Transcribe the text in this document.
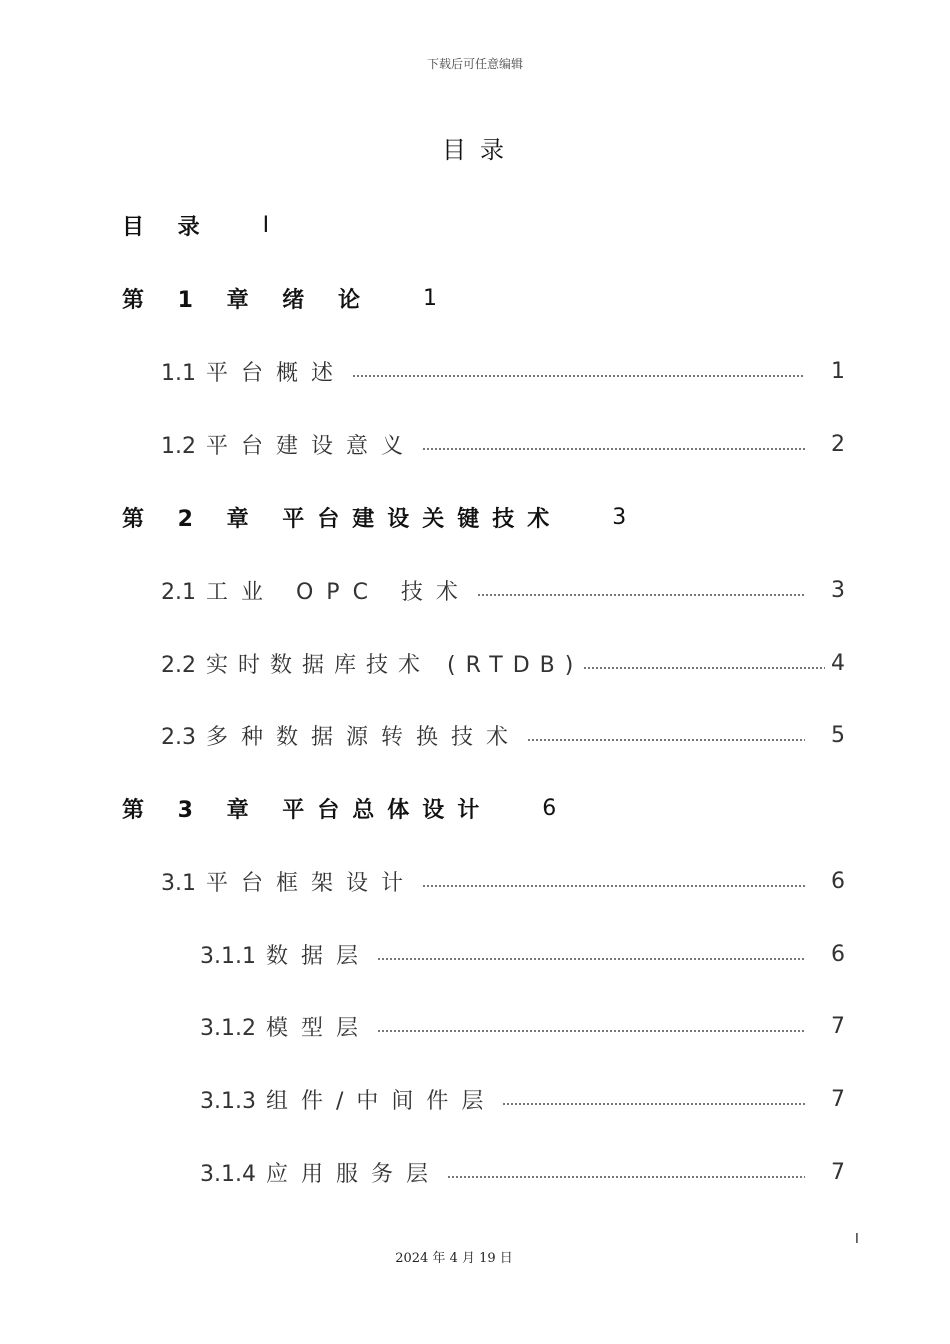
下载后可任意编辑
目录
目 录 I
第 1 章 绪 论 1
1.1 平台概述	1
1.2 平台建设意义	2
第 2 章 平台建设关键技术 3
2.1 工业 OPC 技术	3
2.2 实时数据库技术 (RTDB)	4
2.3 多种数据源转换技术	5
第 3 章 平台总体设计 6
3.1 平台框架设计	6
3.1.1 数据层	6
3.1.2 模型层	7
3.1.3 组件/中间件层	7
3.1.4 应用服务层	7
I
2024 年 4 月 19 日
